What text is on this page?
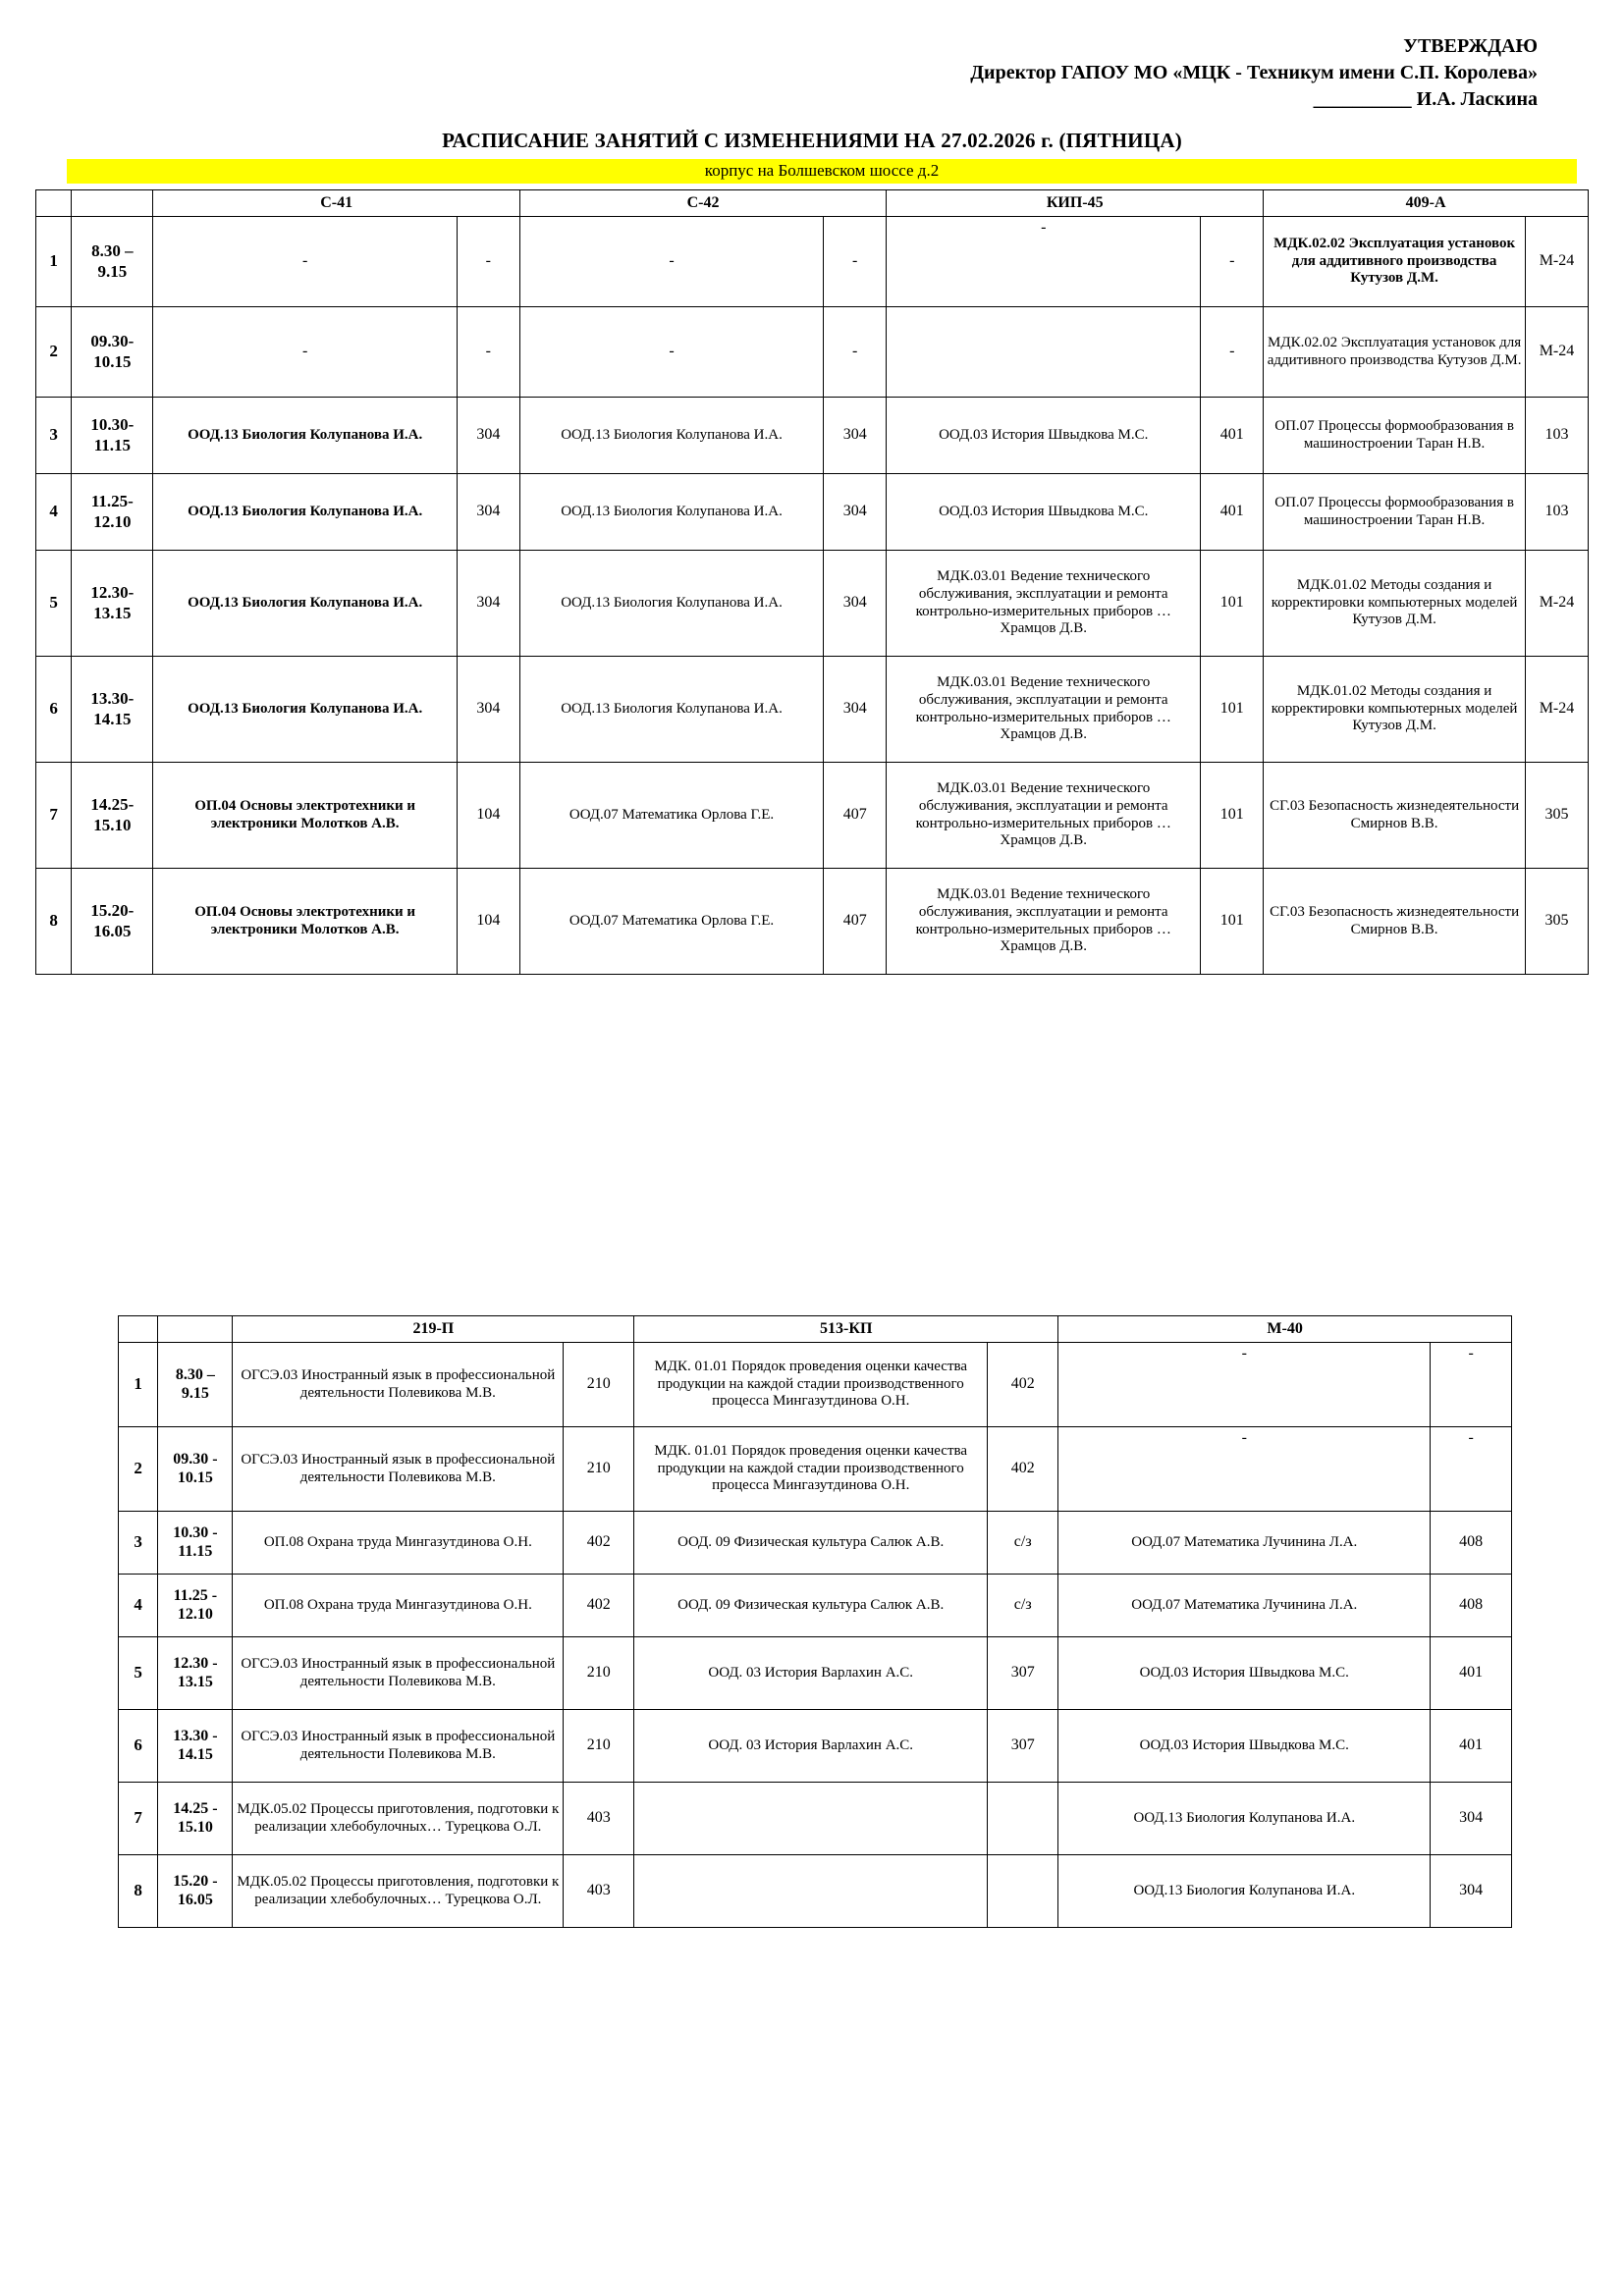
УТВЕРЖДАЮ
Директор ГАПОУ МО «МЦК - Техникум имени С.П. Королева»
__________ И.А. Ласкина
РАСПИСАНИЕ ЗАНЯТИЙ С ИЗМЕНЕНИЯМИ НА 27.02.2026 г. (ПЯТНИЦА)
корпус на Болшевском шоссе д.2
		С-41		С-42		КИП-45		409-А	
1	8.30 – 9.15	-	-	-	-	-	-	МДК.02.02 Эксплуатация установок для аддитивного производства Кутузов Д.М.	М-24
2	09.30-10.15	-	-	-	-		-	МДК.02.02 Эксплуатация установок для аддитивного производства Кутузов Д.М.	М-24
3	10.30-11.15	ООД.13 Биология Колупанова И.А.	304	ООД.13 Биология Колупанова И.А.	304	ООД.03 История Швыдкова М.С.	401	ОП.07 Процессы формообразования в машиностроении Таран Н.В.	103
4	11.25-12.10	ООД.13 Биология Колупанова И.А.	304	ООД.13 Биология Колупанова И.А.	304	ООД.03 История Швыдкова М.С.	401	ОП.07 Процессы формообразования в машиностроении Таран Н.В.	103
5	12.30-13.15	ООД.13 Биология Колупанова И.А.	304	ООД.13 Биология Колупанова И.А.	304	МДК.03.01 Ведение технического обслуживания, эксплуатации и ремонта контрольно-измерительных приборов … Храмцов Д.В.	101	МДК.01.02 Методы создания и корректировки компьютерных моделей Кутузов Д.М.	М-24
6	13.30-14.15	ООД.13 Биология Колупанова И.А.	304	ООД.13 Биология Колупанова И.А.	304	МДК.03.01 Ведение технического обслуживания, эксплуатации и ремонта контрольно-измерительных приборов … Храмцов Д.В.	101	МДК.01.02 Методы создания и корректировки компьютерных моделей Кутузов Д.М.	М-24
7	14.25-15.10	ОП.04 Основы электротехники и электроники Молотков А.В.	104	ООД.07 Математика Орлова Г.Е.	407	МДК.03.01 Ведение технического обслуживания, эксплуатации и ремонта контрольно-измерительных приборов … Храмцов Д.В.	101	СГ.03 Безопасность жизнедеятельности Смирнов В.В.	305
8	15.20-16.05	ОП.04 Основы электротехники и электроники Молотков А.В.	104	ООД.07 Математика Орлова Г.Е.	407	МДК.03.01 Ведение технического обслуживания, эксплуатации и ремонта контрольно-измерительных приборов … Храмцов Д.В.	101	СГ.03 Безопасность жизнедеятельности Смирнов В.В.	305
		219-П		513-КП		М-40	
1	8.30 – 9.15	ОГСЭ.03 Иностранный язык в профессиональной деятельности Полевикова М.В.	210	МДК. 01.01 Порядок проведения оценки качества продукции на каждой стадии производственного процесса Мингазутдинова О.Н.	402	-	-
2	09.30 - 10.15	ОГСЭ.03 Иностранный язык в профессиональной деятельности Полевикова М.В.	210	МДК. 01.01 Порядок проведения оценки качества продукции на каждой стадии производственного процесса Мингазутдинова О.Н.	402	-	-
3	10.30 - 11.15	ОП.08 Охрана труда Мингазутдинова О.Н.	402	ООД. 09 Физическая культура Салюк А.В.	с/з	ООД.07 Математика Лучинина Л.А.	408
4	11.25 - 12.10	ОП.08 Охрана труда Мингазутдинова О.Н.	402	ООД. 09 Физическая культура Салюк А.В.	с/з	ООД.07 Математика Лучинина Л.А.	408
5	12.30 - 13.15	ОГСЭ.03 Иностранный язык в профессиональной деятельности Полевикова М.В.	210	ООД. 03 История Варлахин А.С.	307	ООД.03 История Швыдкова М.С.	401
6	13.30 - 14.15	ОГСЭ.03 Иностранный язык в профессиональной деятельности Полевикова М.В.	210	ООД. 03 История Варлахин А.С.	307	ООД.03 История Швыдкова М.С.	401
7	14.25 - 15.10	МДК.05.02 Процессы приготовления, подготовки к реализации хлебобулочных… Турецкова О.Л.	403			ООД.13 Биология Колупанова И.А.	304
8	15.20 - 16.05	МДК.05.02 Процессы приготовления, подготовки к реализации хлебобулочных… Турецкова О.Л.	403			ООД.13 Биология Колупанова И.А.	304
